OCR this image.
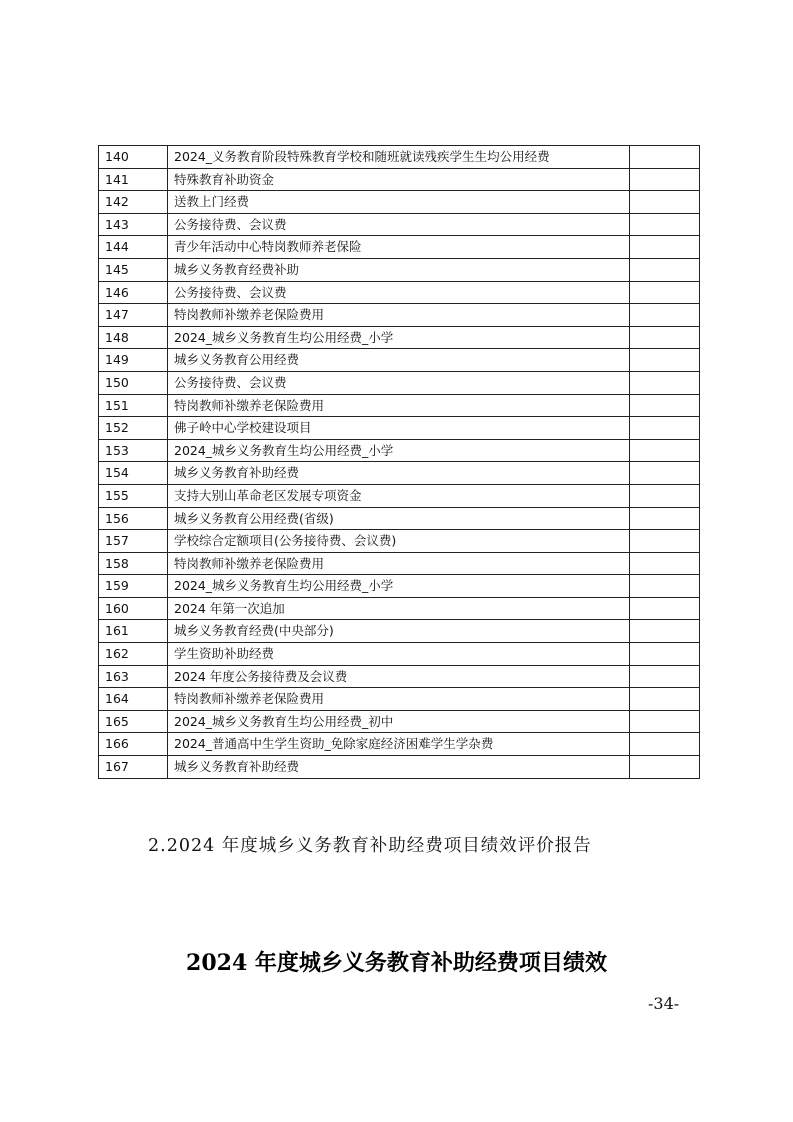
140	2024_义务教育阶段特殊教育学校和随班就读残疾学生生均公用经费	
141	特殊教育补助资金	
142	送教上门经费	
143	公务接待费、会议费	
144	青少年活动中心特岗教师养老保险	
145	城乡义务教育经费补助	
146	公务接待费、会议费	
147	特岗教师补缴养老保险费用	
148	2024_城乡义务教育生均公用经费_小学	
149	城乡义务教育公用经费	
150	公务接待费、会议费	
151	特岗教师补缴养老保险费用	
152	佛子岭中心学校建设项目	
153	2024_城乡义务教育生均公用经费_小学	
154	城乡义务教育补助经费	
155	支持大别山革命老区发展专项资金	
156	城乡义务教育公用经费(省级)	
157	学校综合定额项目(公务接待费、会议费)	
158	特岗教师补缴养老保险费用	
159	2024_城乡义务教育生均公用经费_小学	
160	2024 年第一次追加	
161	城乡义务教育经费(中央部分)	
162	学生资助补助经费	
163	2024 年度公务接待费及会议费	
164	特岗教师补缴养老保险费用	
165	2024_城乡义务教育生均公用经费_初中	
166	2024_普通高中生学生资助_免除家庭经济困难学生学杂费	
167	城乡义务教育补助经费	
2.2024 年度城乡义务教育补助经费项目绩效评价报告
2024 年度城乡义务教育补助经费项目绩效
-34-
